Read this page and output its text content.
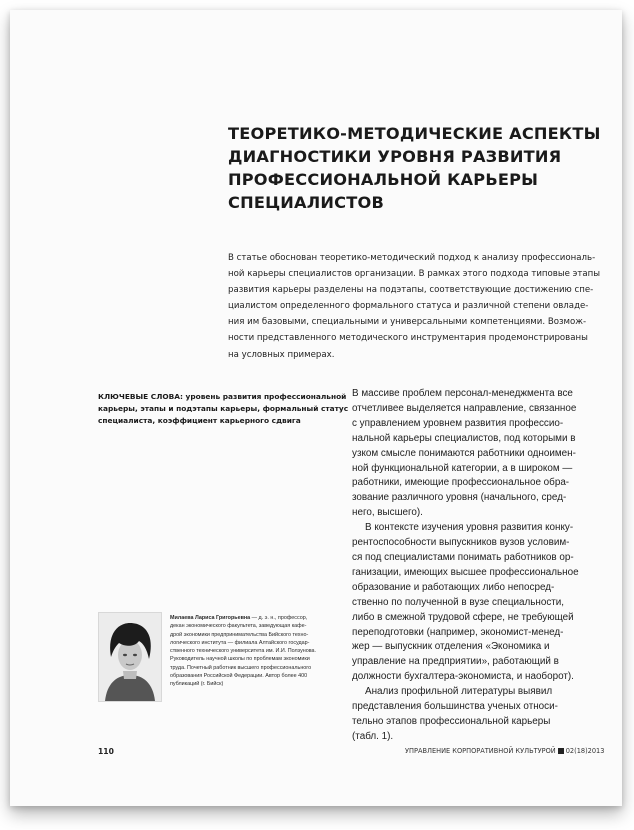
ТЕОРЕТИКО-МЕТОДИЧЕСКИЕ АСПЕКТЫ
ДИАГНОСТИКИ УРОВНЯ РАЗВИТИЯ
ПРОФЕССИОНАЛЬНОЙ КАРЬЕРЫ
СПЕЦИАЛИСТОВ
В статье обоснован теоретико-методический подход к анализу профессиональ-
ной карьеры специалистов организации. В рамках этого подхода типовые этапы
развития карьеры разделены на подэтапы, соответствующие достижению спе-
циалистом определенного формального статуса и различной степени овладе-
ния им базовыми, специальными и универсальными компетенциями. Возмож-
ности представленного методического инструментария продемонстрированы
на условных примерах.
КЛЮЧЕВЫЕ СЛОВА: уровень развития профессиональной
карьеры, этапы и подэтапы карьеры, формальный статус
специалиста, коэффициент карьерного сдвига
В массиве проблем персонал-менеджмента все
отчетливее выделяется направление, связанное
с управлением уровнем развития профессио-
нальной карьеры специалистов, под которыми в
узком смысле понимаются работники одноимен-
ной функциональной категории, а в широком —
работники, имеющие профессиональное обра-
зование различного уровня (начального, сред-
него, высшего).
В контексте изучения уровня развития конку-
рентоспособности выпускников вузов условим-
ся под специалистами понимать работников ор-
ганизации, имеющих высшее профессиональное
образование и работающих либо непосред-
ственно по полученной в вузе специальности,
либо в смежной трудовой сфере, не требующей
переподготовки (например, экономист-менед-
жер — выпускник отделения «Экономика и
управление на предприятии», работающий в
должности бухгалтера-экономиста, и наоборот).
Анализ профильной литературы выявил
представления большинства ученых относи-
тельно этапов профессиональной карьеры
(табл. 1).
Милаева Лариса Григорьевна — д. э. н., профессор,
декан экономического факультета, заведующая кафе-
дрой экономики предпринимательства Бийского техно-
логического института — филиала Алтайского государ-
ственного технического университета им. И.И. Ползунова.
Руководитель научной школы по проблемам экономики
труда. Почетный работник высшего профессионального
образования Российской Федерации. Автор более 400
публикаций (г. Бийск)
110	УПРАВЛЕНИЕ КОРПОРАТИВНОЙ КУЛЬТУРОЙ 02(18)2013
